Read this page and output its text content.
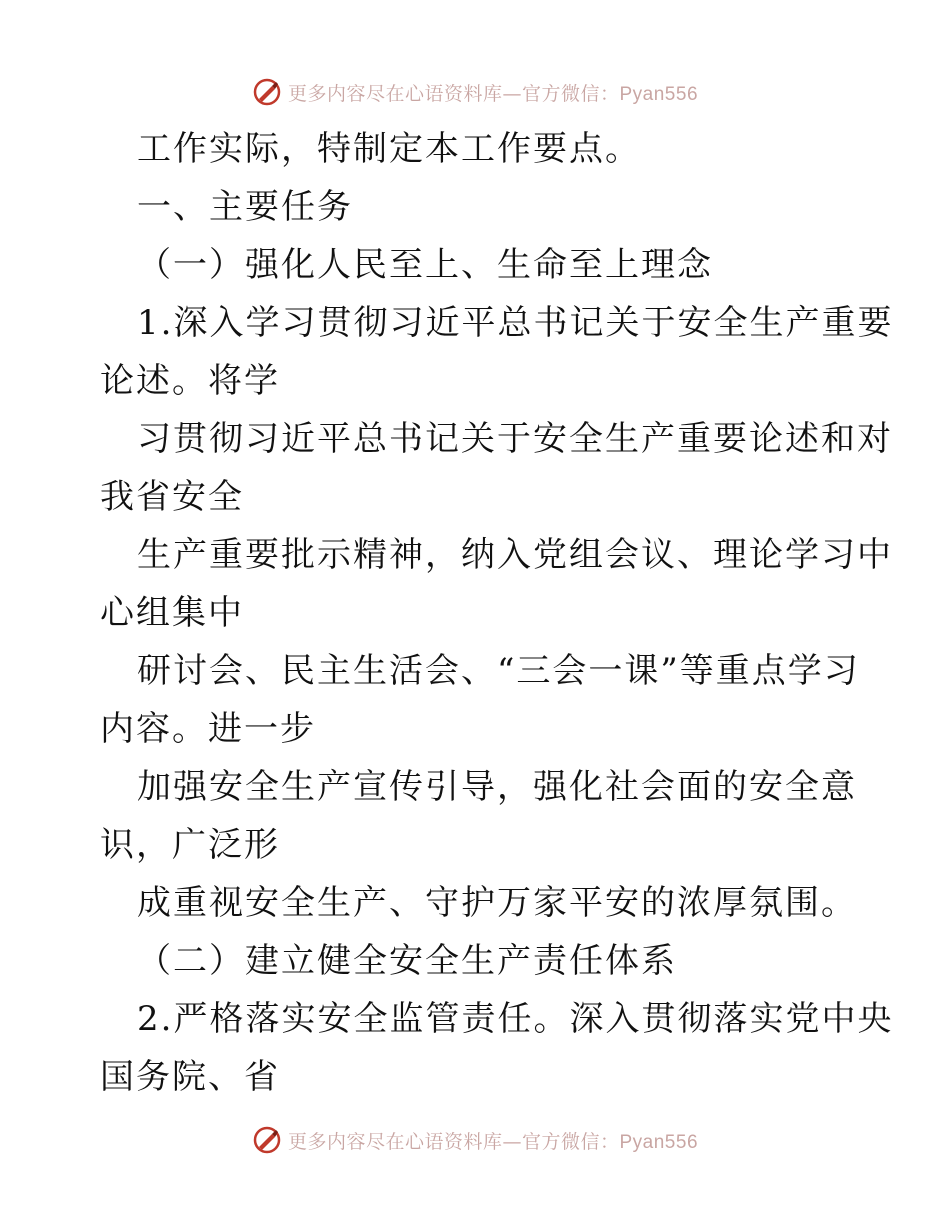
更多内容尽在心语资料库—官方微信：Pyan556
工作实际，特制定本工作要点。
一、主要任务
（一）强化人民至上、生命至上理念
1.深入学习贯彻习近平总书记关于安全生产重要
论述。将学
习贯彻习近平总书记关于安全生产重要论述和对
我省安全
生产重要批示精神，纳入党组会议、理论学习中
心组集中
研讨会、民主生活会、“三会一课”等重点学习
内容。进一步
加强安全生产宣传引导，强化社会面的安全意
识，广泛形
成重视安全生产、守护万家平安的浓厚氛围。
（二）建立健全安全生产责任体系
2.严格落实安全监管责任。深入贯彻落实党中央
国务院、省
更多内容尽在心语资料库—官方微信：Pyan556
